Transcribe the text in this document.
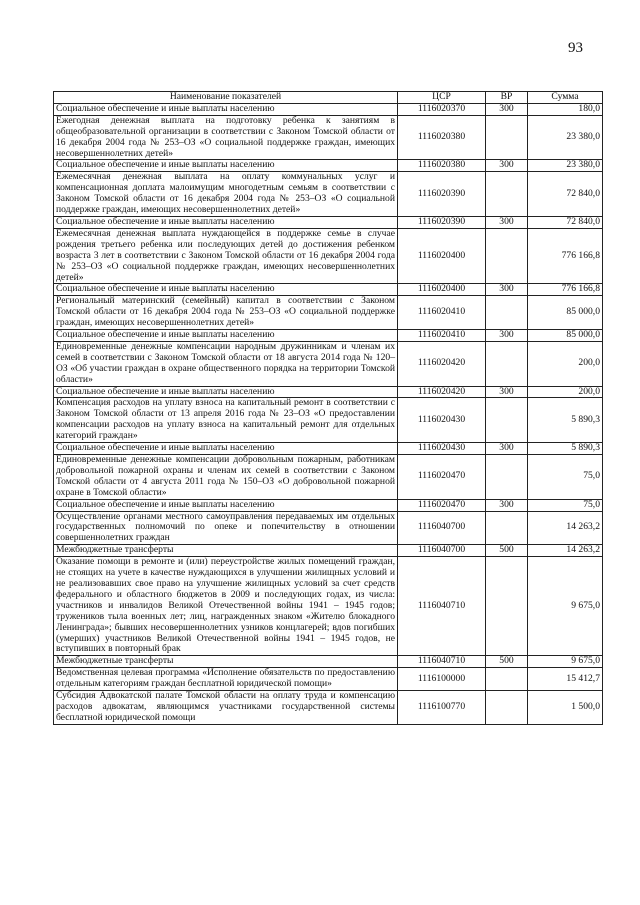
93
Наименование показателей	ЦСР	ВР	Сумма
Социальное обеспечение и иные выплаты населению	1116020370	300	180,0
Ежегодная денежная выплата на подготовку ребенка к занятиям в общеобразовательной организации в соответствии с Законом Томской области от 16 декабря 2004 года № 253–ОЗ «О социальной поддержке граждан, имеющих несовершеннолетних детей»	1116020380		23 380,0
Социальное обеспечение и иные выплаты населению	1116020380	300	23 380,0
Ежемесячная денежная выплата на оплату коммунальных услуг и компенсационная доплата малоимущим многодетным семьям в соответствии с Законом Томской области от 16 декабря 2004 года № 253–ОЗ «О социальной поддержке граждан, имеющих несовершеннолетних детей»	1116020390		72 840,0
Социальное обеспечение и иные выплаты населению	1116020390	300	72 840,0
Ежемесячная денежная выплата нуждающейся в поддержке семье в случае рождения третьего ребенка или последующих детей до достижения ребенком возраста 3 лет в соответствии с Законом Томской области от 16 декабря 2004 года № 253–ОЗ «О социальной поддержке граждан, имеющих несовершеннолетних детей»	1116020400		776 166,8
Социальное обеспечение и иные выплаты населению	1116020400	300	776 166,8
Региональный материнский (семейный) капитал в соответствии с Законом Томской области от 16 декабря 2004 года № 253–ОЗ «О социальной поддержке граждан, имеющих несовершеннолетних детей»	1116020410		85 000,0
Социальное обеспечение и иные выплаты населению	1116020410	300	85 000,0
Единовременные денежные компенсации народным дружинникам и членам их семей в соответствии с Законом Томской области от 18 августа 2014 года № 120–ОЗ «Об участии граждан в охране общественного порядка на территории Томской области»	1116020420		200,0
Социальное обеспечение и иные выплаты населению	1116020420	300	200,0
Компенсация расходов на уплату взноса на капитальный ремонт в соответствии с Законом Томской области от 13 апреля 2016 года № 23–ОЗ «О предоставлении компенсации расходов на уплату взноса на капитальный ремонт для отдельных категорий граждан»	1116020430		5 890,3
Социальное обеспечение и иные выплаты населению	1116020430	300	5 890,3
Единовременные денежные компенсации добровольным пожарным, работникам добровольной пожарной охраны и членам их семей в соответствии с Законом Томской области от 4 августа 2011 года № 150–ОЗ «О добровольной пожарной охране в Томской области»	1116020470		75,0
Социальное обеспечение и иные выплаты населению	1116020470	300	75,0
Осуществление органами местного самоуправления передаваемых им отдельных государственных полномочий по опеке и попечительству в отношении совершеннолетних граждан	1116040700		14 263,2
Межбюджетные трансферты	1116040700	500	14 263,2
Оказание помощи в ремонте и (или) переустройстве жилых помещений граждан, не стоящих на учете в качестве нуждающихся в улучшении жилищных условий и не реализовавших свое право на улучшение жилищных условий за счет средств федерального и областного бюджетов в 2009 и последующих годах, из числа: участников и инвалидов Великой Отечественной войны 1941 – 1945 годов; тружеников тыла военных лет; лиц, награжденных знаком «Жителю блокадного Ленинграда»; бывших несовершеннолетних узников концлагерей; вдов погибших (умерших) участников Великой Отечественной войны 1941 – 1945 годов, не вступивших в повторный брак	1116040710		9 675,0
Межбюджетные трансферты	1116040710	500	9 675,0
Ведомственная целевая программа «Исполнение обязательств по предоставлению отдельным категориям граждан бесплатной юридической помощи»	1116100000		15 412,7
Субсидия Адвокатской палате Томской области на оплату труда и компенсацию расходов адвокатам, являющимся участниками государственной системы бесплатной юридической помощи	1116100770		1 500,0
